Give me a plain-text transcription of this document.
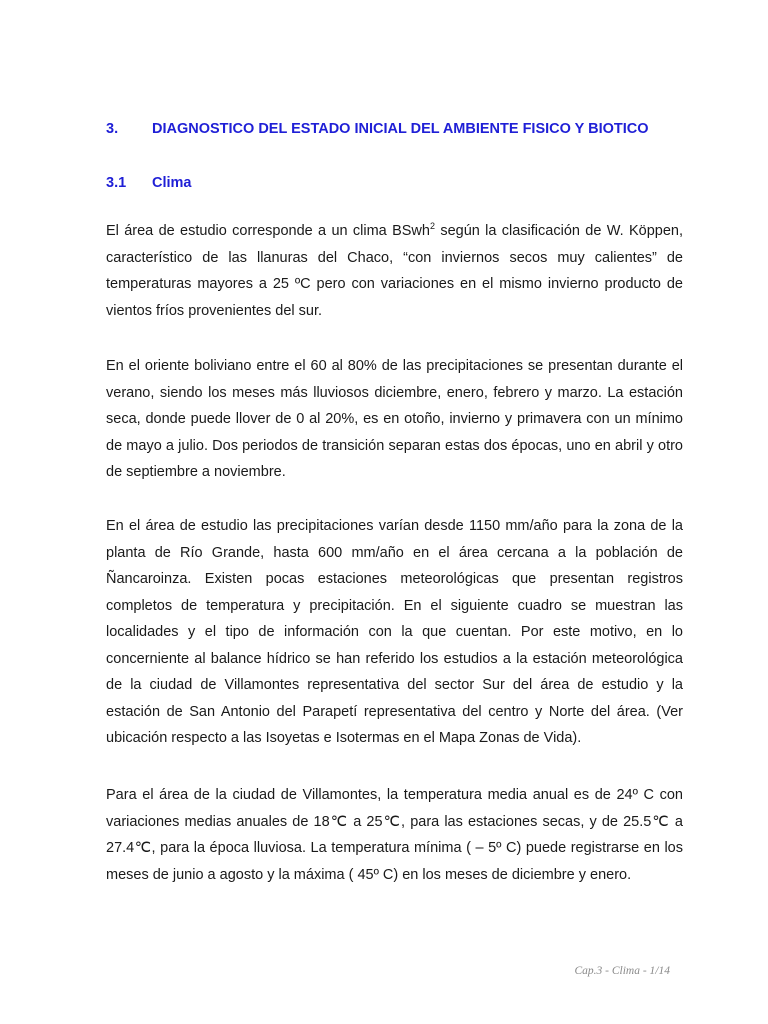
3. DIAGNOSTICO DEL ESTADO INICIAL DEL AMBIENTE FISICO Y BIOTICO
3.1 Clima

El área de estudio corresponde a un clima BSwh$^2$ según la clasificación de W. Köppen, característico de las llanuras del Chaco, “con inviernos secos muy calientes” de temperaturas mayores a 25 ºC pero con variaciones en el mismo invierno producto de vientos fríos provenientes del sur.

En el oriente boliviano entre el 60 al 80% de las precipitaciones se presentan durante el verano, siendo los meses más lluviosos diciembre, enero, febrero y marzo. La estación seca, donde puede llover de 0 al 20%, es en otoño, invierno y primavera con un mínimo de mayo a julio. Dos periodos de transición separan estas dos épocas, uno en abril y otro de septiembre a noviembre.

En el área de estudio las precipitaciones varían desde 1150 mm/año para la zona de la planta de Río Grande, hasta 600 mm/año en el área cercana a la población de Ñancaroinza. Existen pocas estaciones meteorológicas que presentan registros completos de temperatura y precipitación. En el siguiente cuadro se muestran las localidades y el tipo de información con la que cuentan. Por este motivo, en lo concerniente al balance hídrico se han referido los estudios a la estación meteorológica de la ciudad de Villamontes representativa del sector Sur del área de estudio y la estación de San Antonio del Parapetí representativa del centro y Norte del área. (Ver ubicación respecto a las Isoyetas e Isotermas en el Mapa Zonas de Vida).

Para el área de la ciudad de Villamontes, la temperatura media anual es de 24º C con variaciones medias anuales de 18℃ a 25℃, para las estaciones secas, y de 25.5℃ a 27.4℃, para la época lluviosa. La temperatura mínima ( – 5º C) puede registrarse en los meses de junio a agosto y la máxima ( 45º C) en los meses de diciembre y enero.

Cap.3 - Clima - 1/14
